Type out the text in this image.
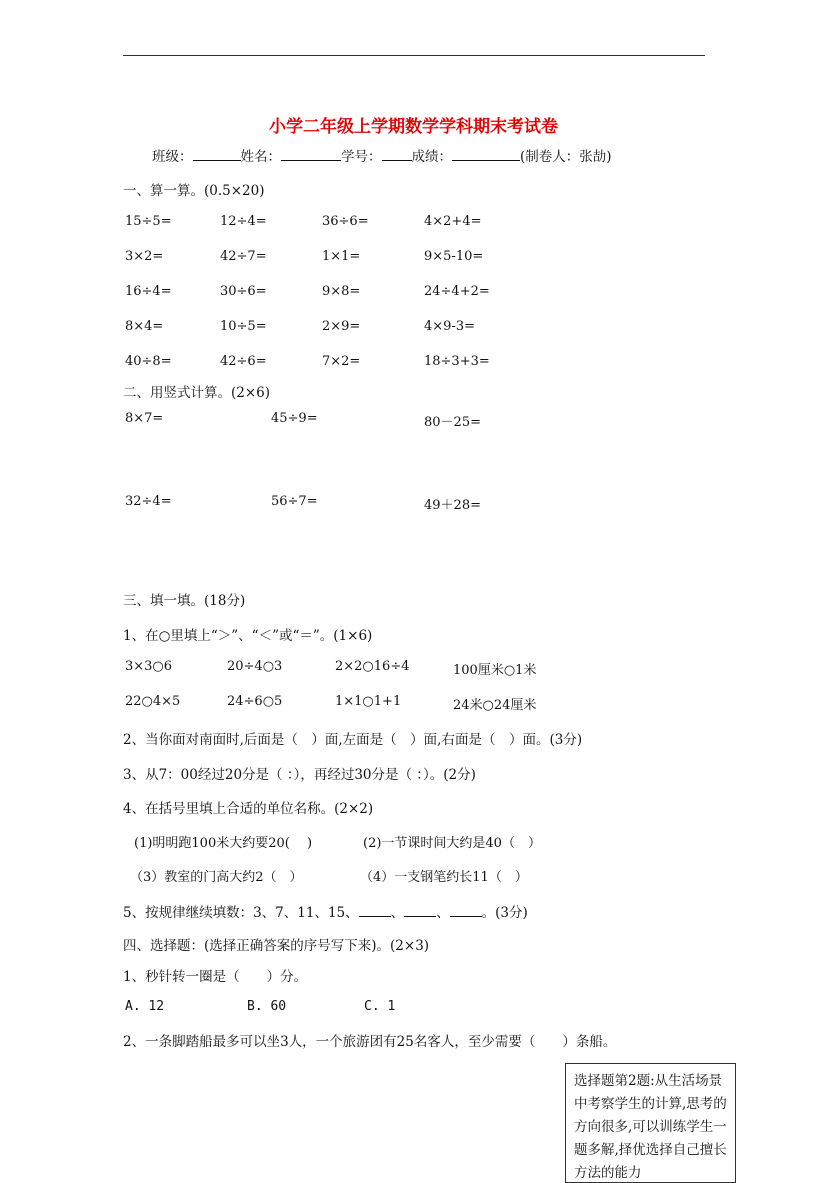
小学二年级上学期数学学科期末考试卷
班级：	姓名：	学号： 成绩：	(制卷人：张劼)
一、算一算。(0.5×20)
15÷5=	12÷4=	36÷6=	4×2+4=
3×2=	42÷7=	1×1=	9×5-10=
16÷4=	30÷6=	9×8=	24÷4+2=
8×4=	10÷5=	2×9=	4×9-3=
40÷8=	42÷6=	7×2=	18÷3+3=
二、用竖式计算。(2×6)
8×7=	45÷9=	80－25=
32÷4=	56÷7=	49＋28=
三、填一填。(18分)
1、在○里填上“＞”、“＜”或“＝”。(1×6)
3×3○6	20÷4○3	2×2○16÷4	100厘米○1米
22○4×5	24÷6○5	1×1○1+1	24米○24厘米
2、当你面对南面时,后面是（　）面,左面是（　）面,右面是（　）面。(3分)
3、从7：00经过20分是（ ：），再经过30分是（ ：）。(2分)
4、在括号里填上合适的单位名称。(2×2)
(1)明明跑100米大约要20(　 )	(2)一节课时间大约是40（　）
（3）教室的门高大约2（　）	（4）一支钢笔约长11（　）
5、按规律继续填数：3、7、11、15、 、 、 。(3分)
四、选择题：(选择正确答案的序号写下来)。(2×3)
1、秒针转一圈是（　　）分。
A. 12	B. 60	C. 1
2、一条脚踏船最多可以坐3人，一个旅游团有25名客人，至少需要（　　）条船。
选择题第2题:从生活场景中考察学生的计算,思考的方向很多,可以训练学生一题多解,择优选择自己擅长方法的能力
